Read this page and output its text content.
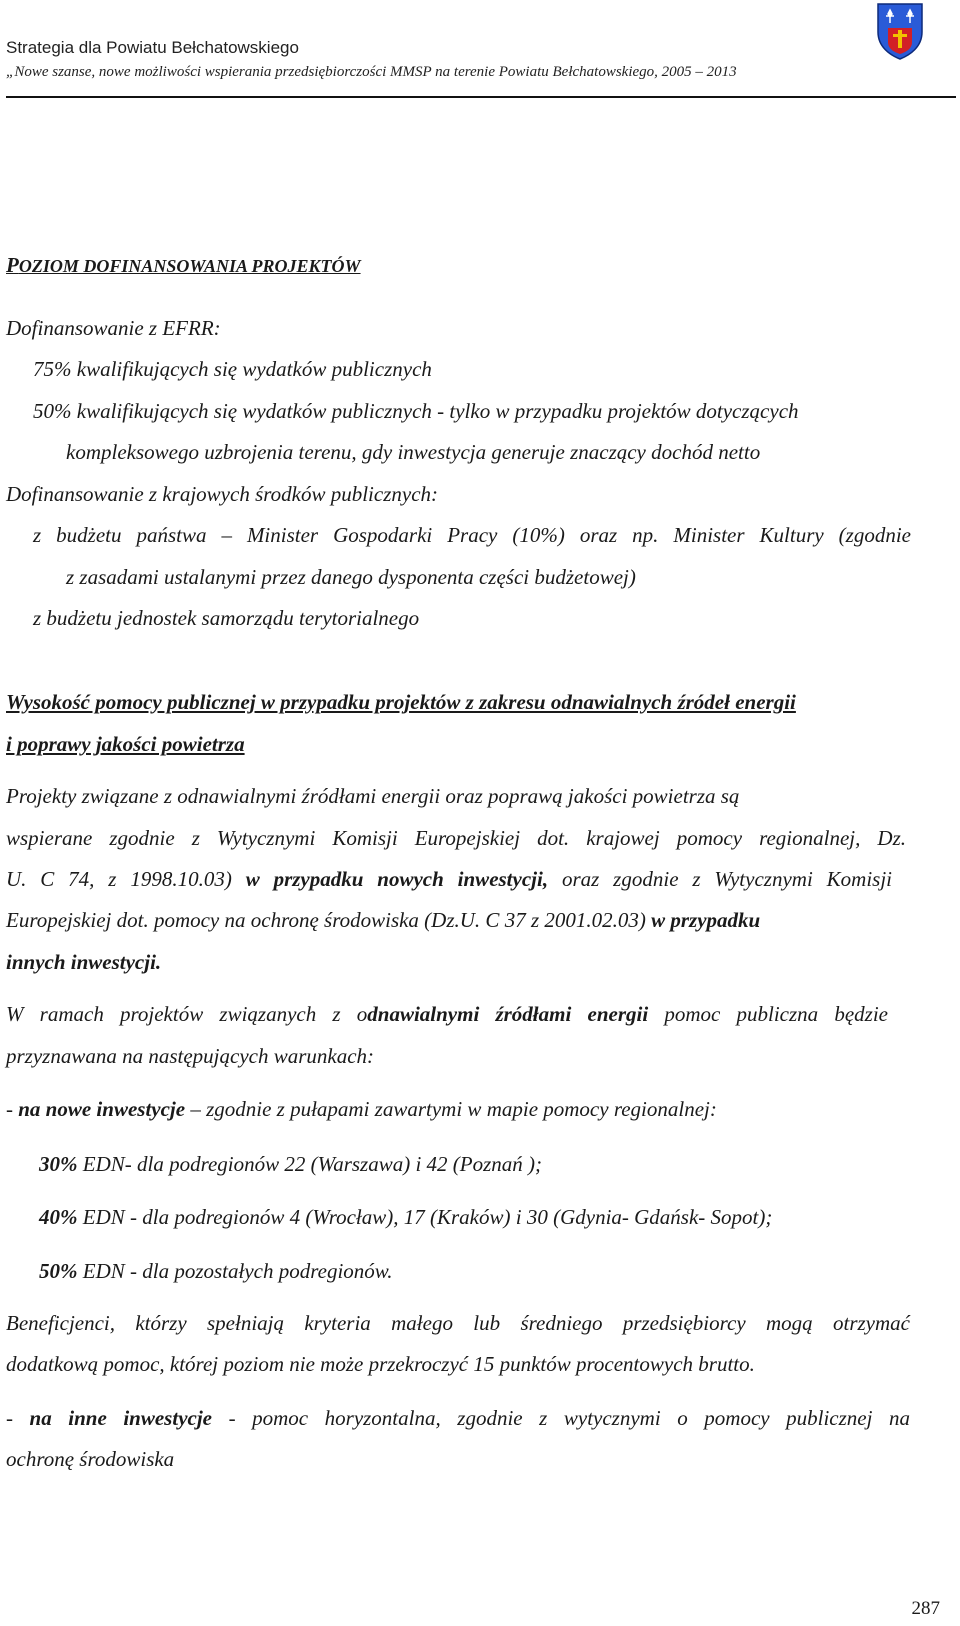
Strategia dla Powiatu Bełchatowskiego
„Nowe szanse, nowe możliwości wspierania przedsiębiorczości MMSP na terenie Powiatu Bełchatowskiego, 2005 – 2013
POZIOM DOFINANSOWANIA PROJEKTÓW
Dofinansowanie z EFRR:
75% kwalifikujących się wydatków publicznych
50% kwalifikujących się wydatków publicznych - tylko w przypadku projektów dotyczących
kompleksowego uzbrojenia terenu, gdy inwestycja generuje znaczący dochód netto
Dofinansowanie z krajowych środków publicznych:
z budżetu państwa – Minister Gospodarki Pracy (10%) oraz np. Minister Kultury (zgodnie
z zasadami ustalanymi przez danego dysponenta części budżetowej)
z budżetu jednostek samorządu terytorialnego
Wysokość pomocy publicznej w przypadku projektów z zakresu odnawialnych źródeł energii
i poprawy jakości powietrza
Projekty związane z odnawialnymi źródłami energii oraz poprawą jakości powietrza są
wspierane zgodnie z Wytycznymi Komisji Europejskiej dot. krajowej pomocy regionalnej, Dz.
U. C 74, z 1998.10.03) w przypadku nowych inwestycji, oraz zgodnie z Wytycznymi Komisji
Europejskiej dot. pomocy na ochronę środowiska (Dz.U. C 37 z 2001.02.03) w przypadku
innych inwestycji.
W ramach projektów związanych z odnawialnymi źródłami energii pomoc publiczna będzie
przyznawana na następujących warunkach:
- na nowe inwestycje – zgodnie z pułapami zawartymi w mapie pomocy regionalnej:
30% EDN- dla podregionów 22 (Warszawa) i 42 (Poznań );
40% EDN - dla podregionów 4 (Wrocław), 17 (Kraków) i 30 (Gdynia- Gdańsk- Sopot);
50% EDN - dla pozostałych podregionów.
Beneficjenci, którzy spełniają kryteria małego lub średniego przedsiębiorcy mogą otrzymać
dodatkową pomoc, której poziom nie może przekroczyć 15 punktów procentowych brutto.
- na inne inwestycje - pomoc horyzontalna, zgodnie z wytycznymi o pomocy publicznej na
ochronę środowiska
287
